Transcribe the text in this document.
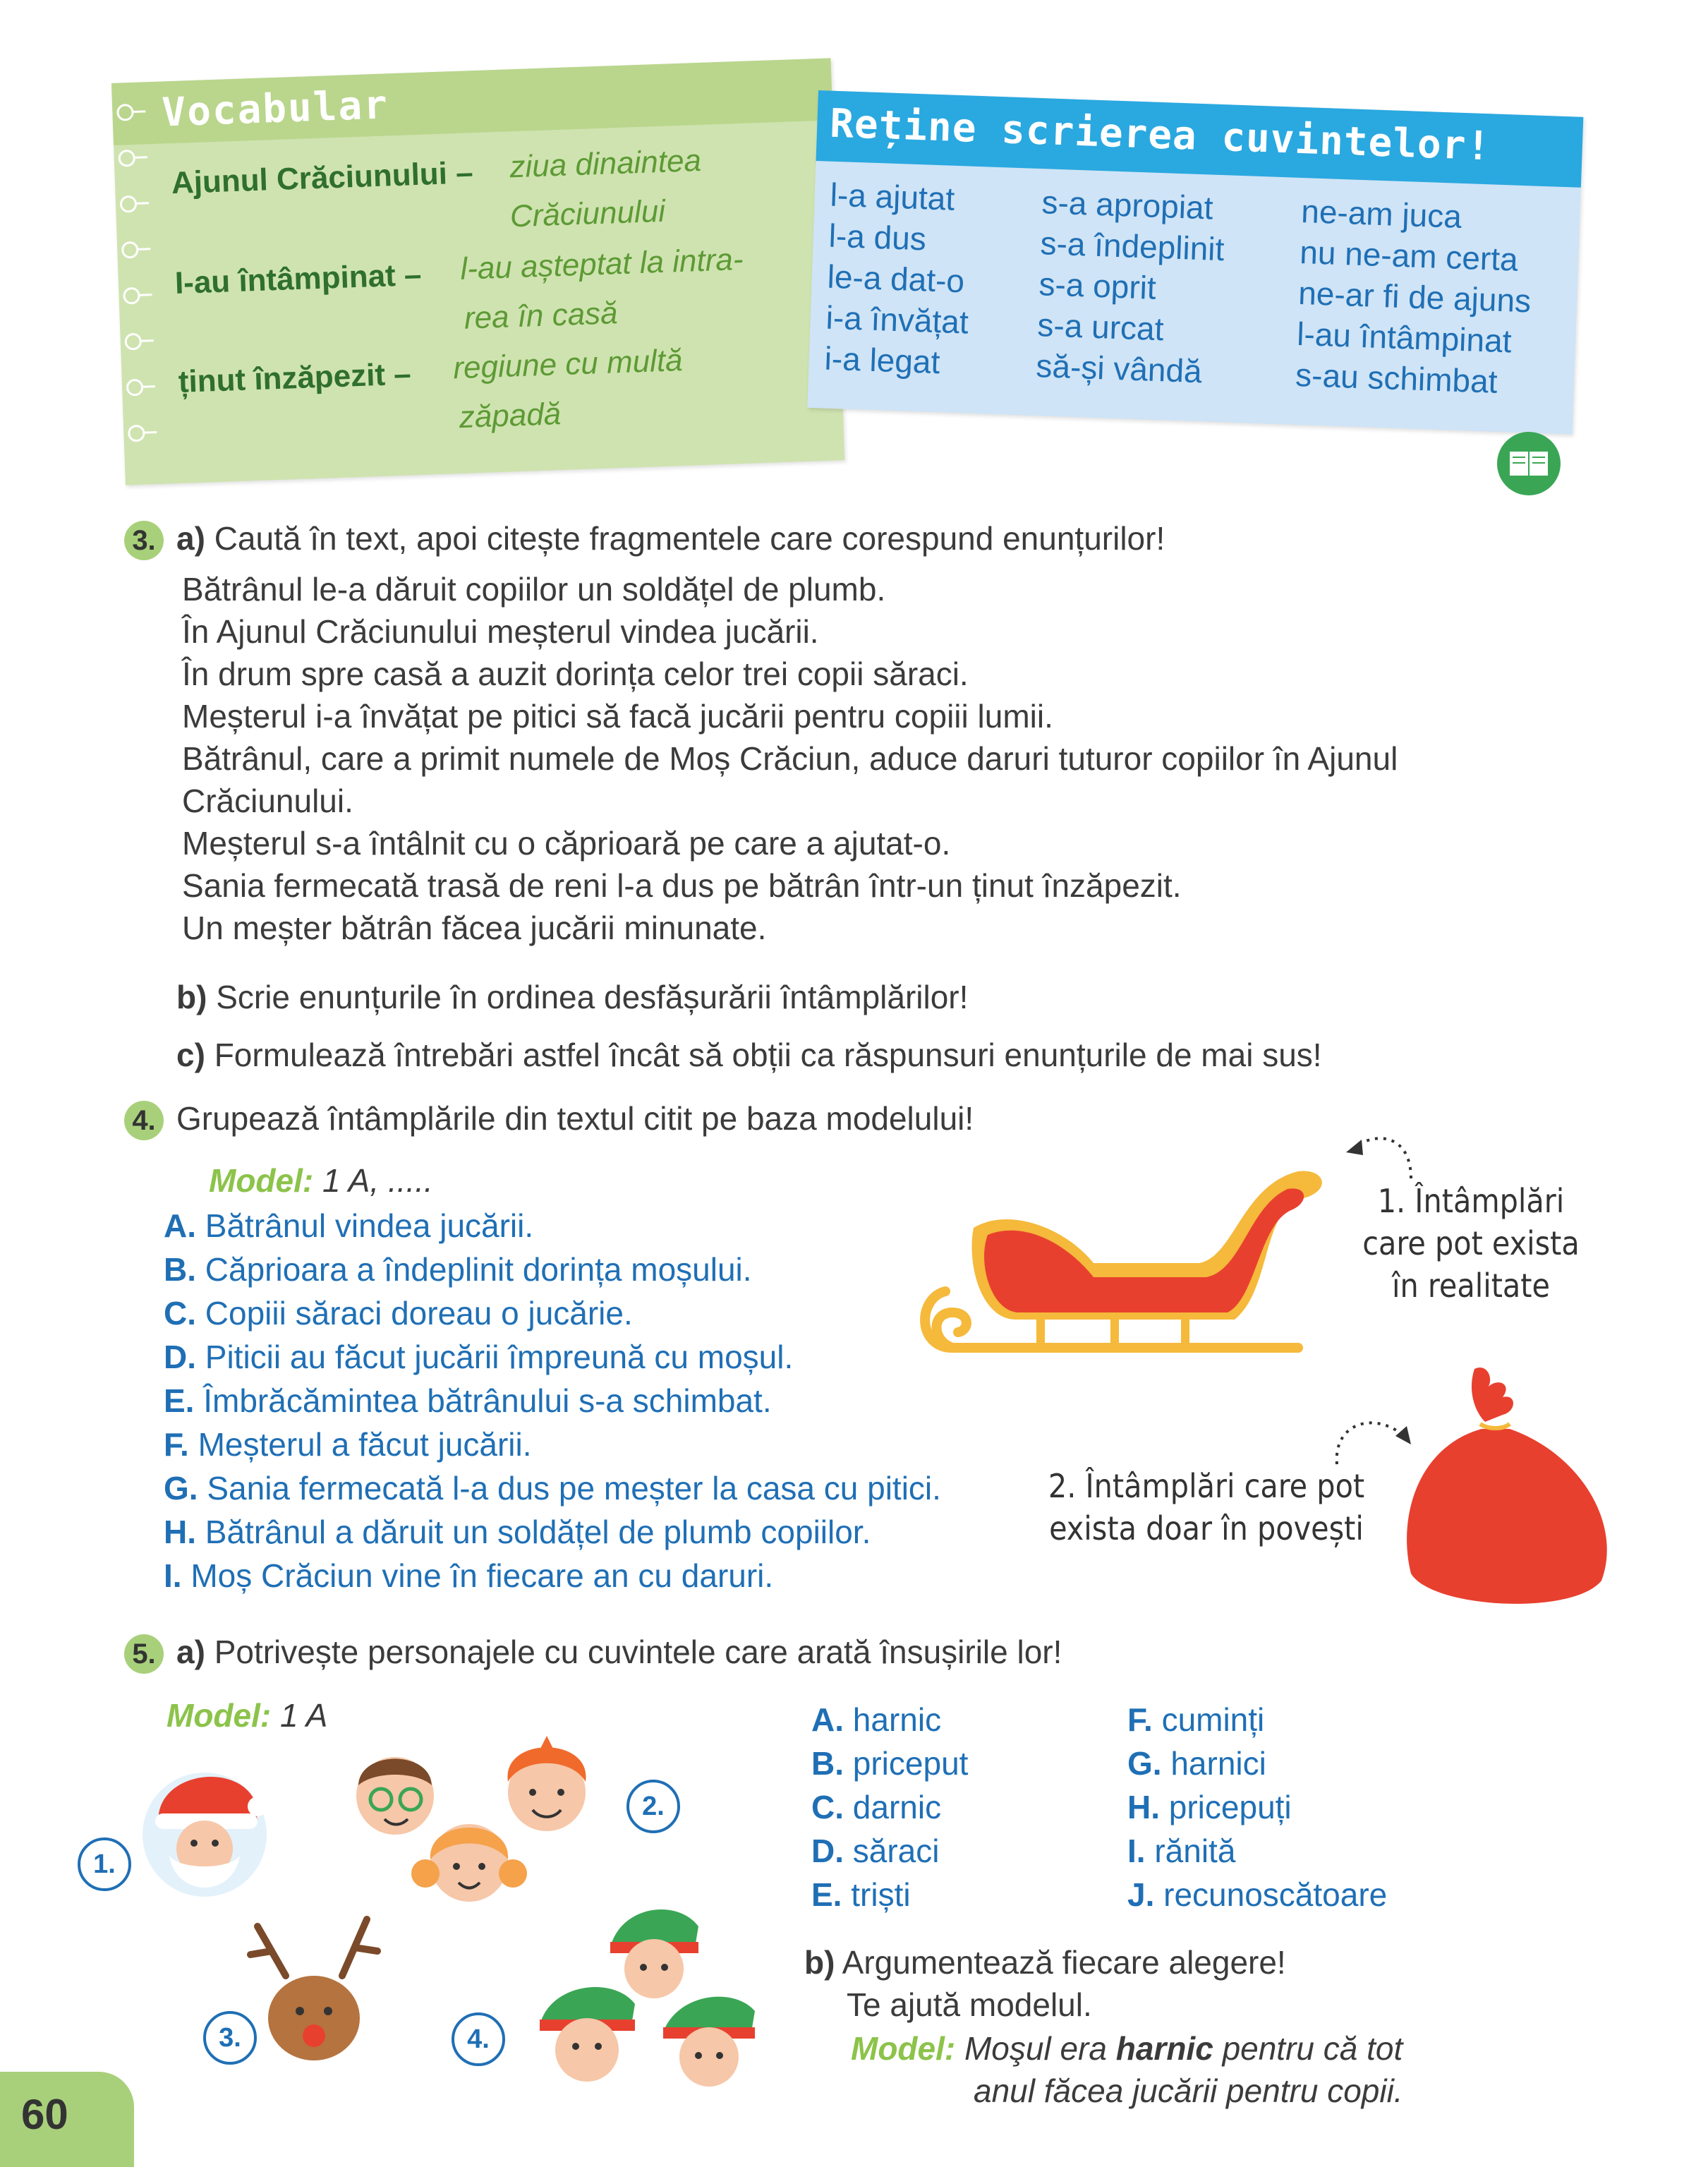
Vocabular
Ajunul Crăciunului – ziua dinaintea
Crăciunului
I-au întâmpinat – l-au așteptat la intra-
rea în casă
ținut înzăpezit – regiune cu multă
zăpadă
Reține scrierea cuvintelor!
l-a ajutat
l-a dus
le-a dat-o
i-a învățat
i-a legat
s-a apropiat
s-a îndeplinit
s-a oprit
s-a urcat
să-și vândă
ne-am juca
nu ne-am certa
ne-ar fi de ajuns
l-au întâmpinat
s-au schimbat
3. a) Caută în text, apoi citește fragmentele care corespund enunțurilor!
Bătrânul le-a dăruit copiilor un soldățel de plumb.
În Ajunul Crăciunului meșterul vindea jucării.
În drum spre casă a auzit dorința celor trei copii săraci.
Meșterul i-a învățat pe pitici să facă jucării pentru copiii lumii.
Bătrânul, care a primit numele de Moș Crăciun, aduce daruri tuturor copiilor în Ajunul
Crăciunului.
Meșterul s-a întâlnit cu o căprioară pe care a ajutat-o.
Sania fermecată trasă de reni l-a dus pe bătrân într-un ținut înzăpezit.
Un meșter bătrân făcea jucării minunate.
b) Scrie enunțurile în ordinea desfășurării întâmplărilor!
c) Formulează întrebări astfel încât să obții ca răspunsuri enunțurile de mai sus!
4. Grupează întâmplările din textul citit pe baza modelului!
Model: 1 A, .....
A. Bătrânul vindea jucării.
B. Căprioara a îndeplinit dorința moșului.
C. Copiii săraci doreau o jucărie.
D. Piticii au făcut jucării împreună cu moșul.
E. Îmbrăcămintea bătrânului s-a schimbat.
F. Meșterul a făcut jucării.
G. Sania fermecată l-a dus pe meșter la casa cu pitici.
H. Bătrânul a dăruit un soldățel de plumb copiilor.
I. Moș Crăciun vine în fiecare an cu daruri.
1. Întâmplări
care pot exista
în realitate
2. Întâmplări care pot
exista doar în povești
5. a) Potrivește personajele cu cuvintele care arată însușirile lor!
Model: 1 A
1.
2.
3.	4.
A. harnic
B. priceput
C. darnic
D. săraci
E. triști
F. cuminți
G. harnici
H. pricepuți
I. rănită
J. recunoscătoare
b) Argumentează fiecare alegere!
Te ajută modelul.
Model: Moşul era harnic pentru că tot
anul făcea jucării pentru copii.
60
